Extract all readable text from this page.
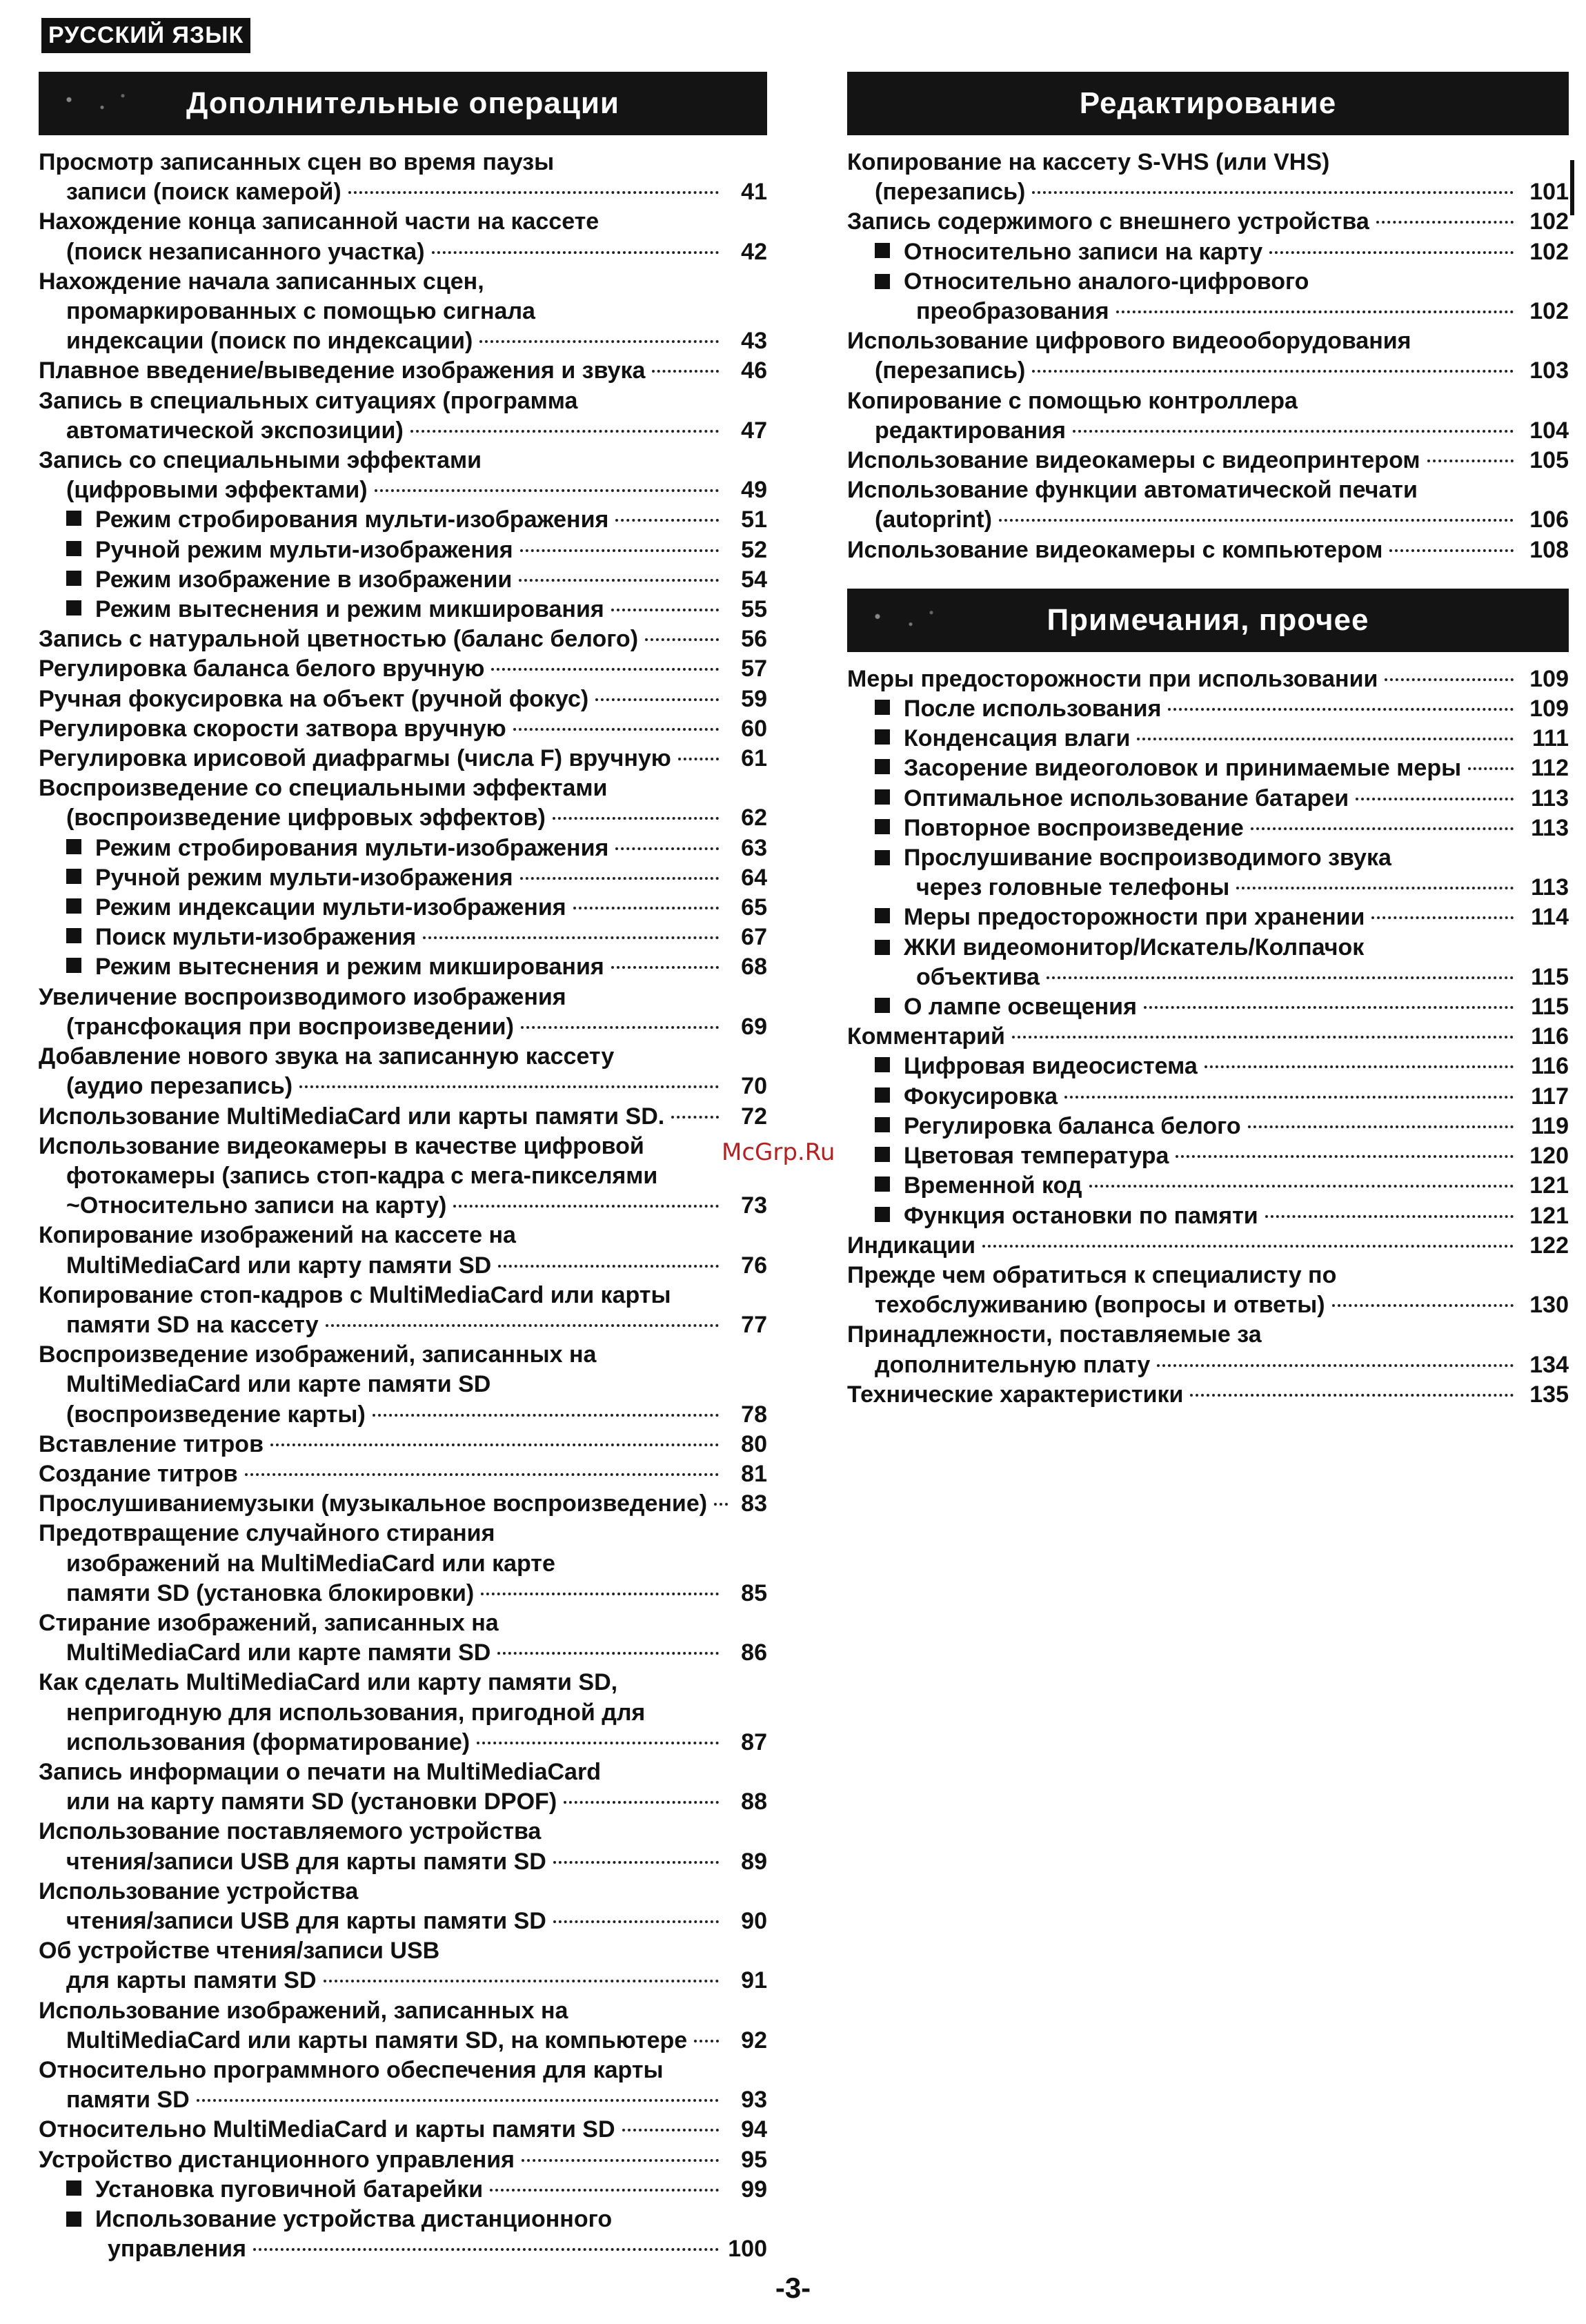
РУССКИЙ ЯЗЫК
Дополнительные операции
Просмотр записанных сцен во время паузы
записи (поиск камерой)	41
Нахождение конца записанной части на кассете
(поиск незаписанного участка)	42
Нахождение начала записанных сцен,
промаркированных с помощью сигнала
индексации (поиск по индексации)	43
Плавное введение/выведение изображения и звука	46
Запись в специальных ситуациях (программа
автоматической экспозиции)	47
Запись со специальными эффектами
(цифровыми эффектами)	49
Режим стробирования мульти-изображения	51
Ручной режим мульти-изображения	52
Режим изображение в изображении	54
Режим вытеснения и режим микширования	55
Запись с натуральной цветностью (баланс белого)	56
Регулировка баланса белого вручную	57
Ручная фокусировка на объект (ручной фокус)	59
Регулировка скорости затвора вручную	60
Регулировка ирисовой диафрагмы (числа F) вручную	61
Воспроизведение со специальными эффектами
(воспроизведение цифровых эффектов)	62
Режим стробирования мульти-изображения	63
Ручной режим мульти-изображения	64
Режим индексации мульти-изображения	65
Поиск мульти-изображения	67
Режим вытеснения и режим микширования	68
Увеличение воспроизводимого изображения
(трансфокация при воспроизведении)	69
Добавление нового звука на записанную кассету
(аудио перезапись)	70
Использование MultiMediaCard или карты памяти SD.	72
Использование видеокамеры в качестве цифровой
фотокамеры (запись стоп-кадра с мега-пикселями
~Относительно записи на карту)	73
Копирование изображений на кассете на
MultiMediaCard или карту памяти SD	76
Копирование стоп-кадров с MultiMediaCard или карты
памяти SD на кассету	77
Воспроизведение изображений, записанных на
MultiMediaCard или карте памяти SD
(воспроизведение карты)	78
Вставление титров	80
Создание титров	81
Прослушиваниемузыки (музыкальное воспроизведение) 83
Предотвращение случайного стирания
изображений на MultiMediaCard или карте
памяти SD (установка блокировки)	85
Стирание изображений, записанных на
MultiMediaCard или карте памяти SD	86
Как сделать MultiMediaCard или карту памяти SD,
непригодную для использования, пригодной для
использования (форматирование)	87
Запись информации о печати на MultiMediaCard
или на карту памяти SD (установки DPOF)	88
Использование поставляемого устройства
чтения/записи USB для карты памяти SD	89
Использование устройства
чтения/записи USB для карты памяти SD	90
Об устройстве чтения/записи USB
для карты памяти SD	91
Использование изображений, записанных на
MultiMediaCard или карты памяти SD, на компьютере	92
Относительно программного обеспечения для карты
памяти SD	93
Относительно MultiMediaCard и карты памяти SD	94
Устройство дистанционного управления	95
Установка пуговичной батарейки	99
Использование устройства дистанционного
управления	100
Редактирование
Копирование на кассету S-VHS (или VHS)
(перезапись)	101
Запись содержимого с внешнего устройства	102
Относительно записи на карту	102
Относительно аналого-цифрового
преобразования	102
Использование цифрового видеооборудования
(перезапись)	103
Копирование с помощью контроллера
редактирования	104
Использование видеокамеры с видеопринтером	105
Использование функции автоматической печати
(autoprint)	106
Использование видеокамеры с компьютером	108
Примечания, прочее
Меры предосторожности при использовании	109
После использования	109
Конденсация влаги	111
Засорение видеоголовок и принимаемые меры	112
Оптимальное использование батареи	113
Повторное воспроизведение	113
Прослушивание воспроизводимого звука
через головные телефоны	113
Меры предосторожности при хранении	114
ЖКИ видеомонитор/Искатель/Колпачок
объектива	115
О лампе освещения	115
Комментарий	116
Цифровая видеосистема	116
Фокусировка	117
Регулировка баланса белого	119
Цветовая температура	120
Временной код	121
Функция остановки по памяти	121
Индикации	122
Прежде чем обратиться к специалисту по
техобслуживанию (вопросы и ответы)	130
Принадлежности, поставляемые за
дополнительную плату	134
Технические характеристики	135
McGrp.Ru
-3-
